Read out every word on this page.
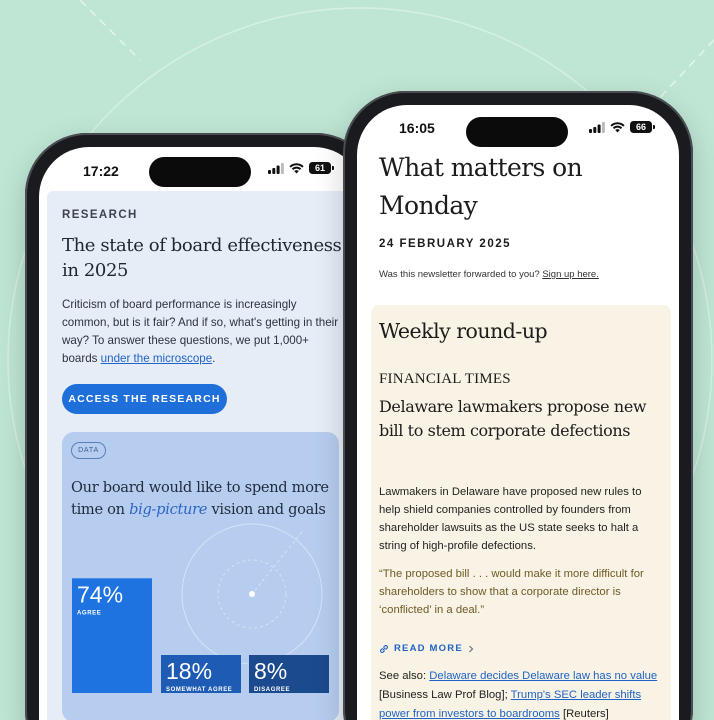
17:22	61
RESEARCH
The state of board effectiveness in 2025
Criticism of board performance is increasingly common, but is it fair? And if so, what's getting in their way? To answer these questions, we put 1,000+ boards under the microscope.
ACCESS THE RESEARCH
DATA
Our board would like to spend more time on big-picture vision and goals
74%
AGREE
18%
SOMEWHAT AGREE
8%
DISAGREE
16:05	66
What matters on Monday
24 FEBRUARY 2025
Was this newsletter forwarded to you? Sign up here.
Weekly round-up
FINANCIAL TIMES
Delaware lawmakers propose new bill to stem corporate defections
Lawmakers in Delaware have proposed new rules to help shield companies controlled by founders from shareholder lawsuits as the US state seeks to halt a string of high-profile defections.
“The proposed bill . . . would make it more difficult for shareholders to show that a corporate director is ‘conflicted’ in a deal.”
READ MORE
See also: Delaware decides Delaware law has no value [Business Law Prof Blog]; Trump's SEC leader shifts power from investors to boardrooms [Reuters]
